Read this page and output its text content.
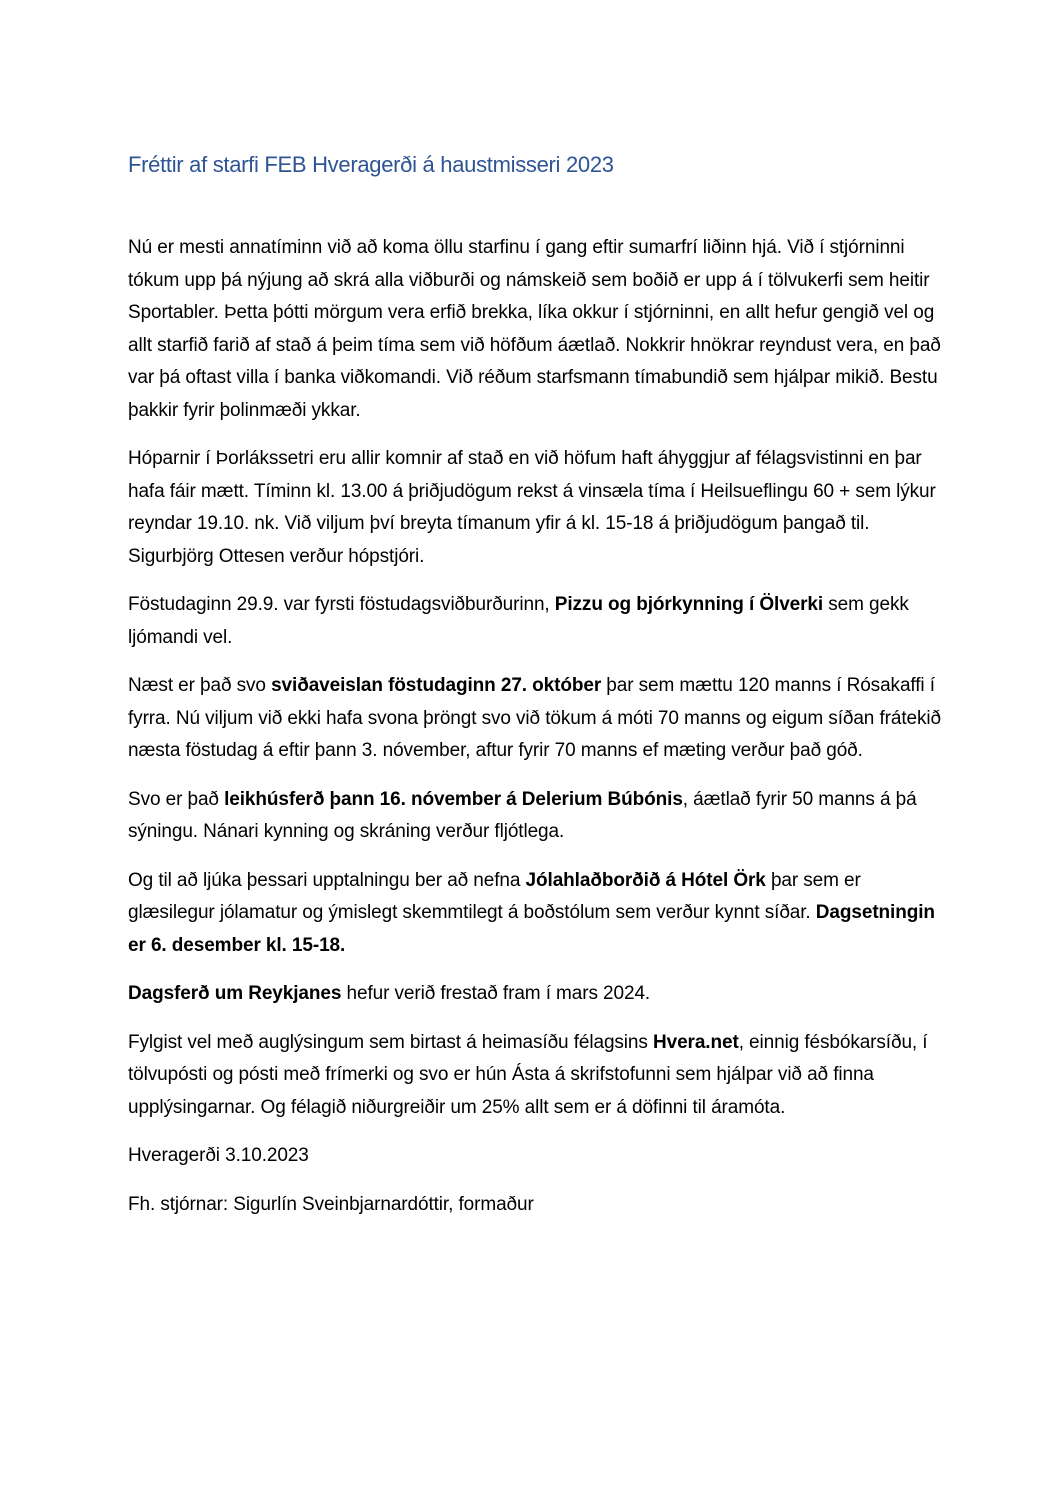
Fréttir af starfi FEB Hveragerði á haustmisseri 2023

Nú er mesti annatíminn við að koma öllu starfinu í gang eftir sumarfrí liðinn hjá. Við í stjórninni tókum upp þá nýjung að skrá alla viðburði og námskeið sem boðið er upp á í tölvukerfi sem heitir Sportabler. Þetta þótti mörgum vera erfið brekka, líka okkur í stjórninni, en allt hefur gengið vel og allt starfið farið af stað á þeim tíma sem við höfðum áætlað. Nokkrir hnökrar reyndust vera, en það var þá oftast villa í banka viðkomandi. Við réðum starfsmann tímabundið sem hjálpar mikið. Bestu þakkir fyrir þolinmæði ykkar.

Hóparnir í Þorlákssetri eru allir komnir af stað en við höfum haft áhyggjur af félagsvistinni en þar hafa fáir mætt. Tíminn kl. 13.00 á þriðjudögum rekst á vinsæla tíma í Heilsueflingu 60 + sem lýkur reyndar 19.10. nk. Við viljum því breyta tímanum yfir á kl. 15-18 á þriðjudögum þangað til. Sigurbjörg Ottesen verður hópstjóri.

Föstudaginn 29.9. var fyrsti föstudagsviðburðurinn, Pizzu og bjórkynning í Ölverki sem gekk ljómandi vel.

Næst er það svo sviðaveislan föstudaginn 27. október þar sem mættu 120 manns í Rósakaffi í fyrra. Nú viljum við ekki hafa svona þröngt svo við tökum á móti 70 manns og eigum síðan frátekið næsta föstudag á eftir þann 3. nóvember, aftur fyrir 70 manns ef mæting verður það góð.

Svo er það leikhúsferð þann 16. nóvember á Delerium Búbónis, áætlað fyrir 50 manns á þá sýningu. Nánari kynning og skráning verður fljótlega.

Og til að ljúka þessari upptalningu ber að nefna Jólahlaðborðið á Hótel Örk þar sem er glæsilegur jólamatur og ýmislegt skemmtilegt á boðstólum sem verður kynnt síðar. Dagsetningin er 6. desember kl. 15-18.

Dagsferð um Reykjanes hefur verið frestað fram í mars 2024.

Fylgist vel með auglýsingum sem birtast á heimasíðu félagsins Hvera.net, einnig fésbókarsíðu, í tölvupósti og pósti með frímerki og svo er hún Ásta á skrifstofunni sem hjálpar við að finna upplýsingarnar. Og félagið niðurgreiðir um 25% allt sem er á döfinni til áramóta.

Hveragerði 3.10.2023

Fh. stjórnar: Sigurlín Sveinbjarnardóttir, formaður
